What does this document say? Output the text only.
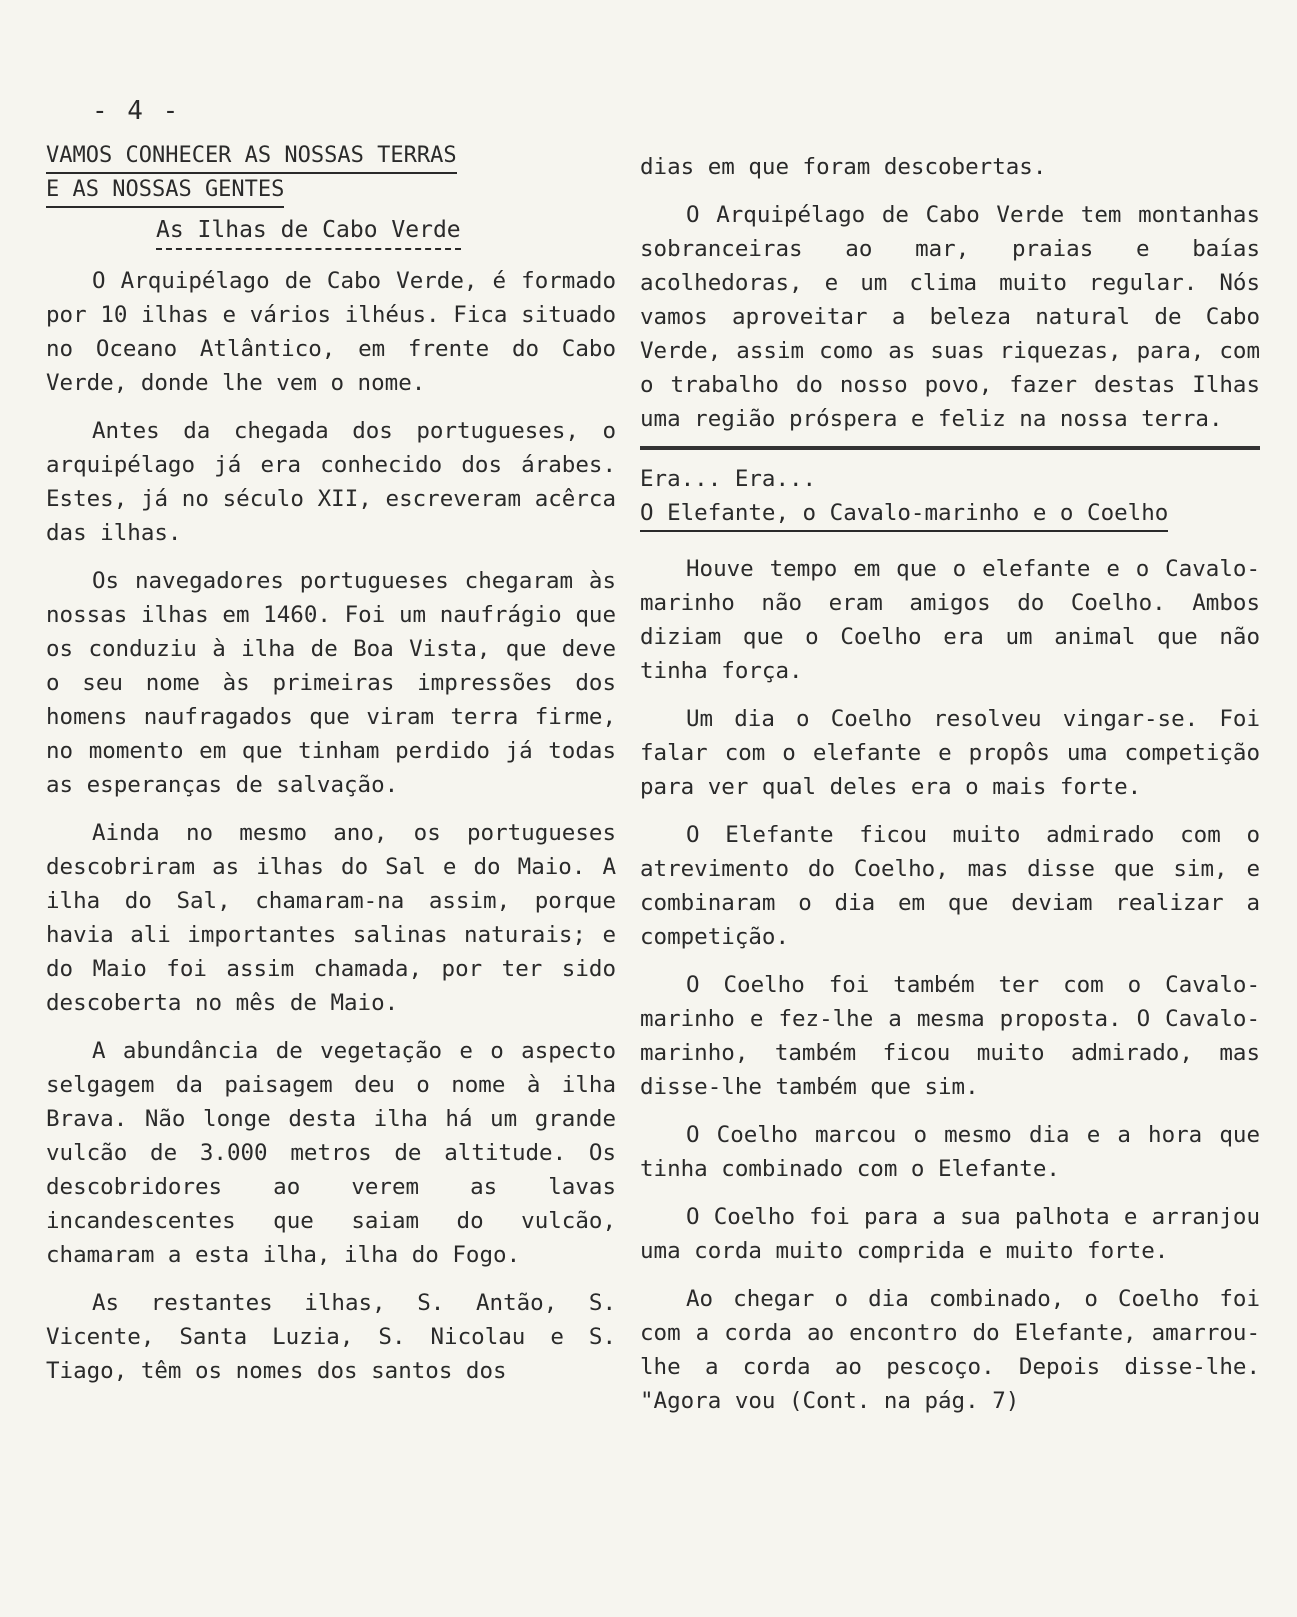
- 4 -
VAMOS CONHECER AS NOSSAS TERRAS
E AS NOSSAS GENTES
As Ilhas de Cabo Verde

O Arquipélago de Cabo Verde, é formado por 10 ilhas e vários ilhéus. Fica situado no Oceano Atlântico, em frente do Cabo Verde, donde lhe vem o nome.

Antes da chegada dos portugueses, o arquipélago já era conhecido dos árabes. Estes, já no século XII, escreveram acêrca das ilhas.

Os navegadores portugueses chegaram às nossas ilhas em 1460. Foi um naufrágio que os conduziu à ilha de Boa Vista, que deve o seu nome às primeiras impressões dos homens naufragados que viram terra firme, no momento em que tinham perdido já todas as esperanças de salvação.

Ainda no mesmo ano, os portugueses descobriram as ilhas do Sal e do Maio. A ilha do Sal, chamaram-na assim, porque havia ali importantes salinas naturais; e do Maio foi assim chamada, por ter sido descoberta no mês de Maio.

A abundância de vegetação e o aspecto selgagem da paisagem deu o nome à ilha Brava. Não longe desta ilha há um grande vulcão de 3.000 metros de altitude. Os descobridores ao verem as lavas incandescentes que saiam do vulcão, chamaram a esta ilha, ilha do Fogo.

As restantes ilhas, S. Antão, S. Vicente, Santa Luzia, S. Nicolau e S. Tiago, têm os nomes dos santos dos

dias em que foram descobertas.

O Arquipélago de Cabo Verde tem montanhas sobranceiras ao mar, praias e baías acolhedoras, e um clima muito regular. Nós vamos aproveitar a beleza natural de Cabo Verde, assim como as suas riquezas, para, com o trabalho do nosso povo, fazer destas Ilhas uma região próspera e feliz na nossa terra.

Era... Era...
O Elefante, o Cavalo-marinho e o Coelho

Houve tempo em que o elefante e o Cavalo-marinho não eram amigos do Coelho. Ambos diziam que o Coelho era um animal que não tinha força.

Um dia o Coelho resolveu vingar-se. Foi falar com o elefante e propôs uma competição para ver qual deles era o mais forte.

O Elefante ficou muito admirado com o atrevimento do Coelho, mas disse que sim, e combinaram o dia em que deviam realizar a competição.

O Coelho foi também ter com o Cavalo-marinho e fez-lhe a mesma proposta. O Cavalo-marinho, também ficou muito admirado, mas disse-lhe também que sim.

O Coelho marcou o mesmo dia e a hora que tinha combinado com o Elefante.

O Coelho foi para a sua palhota e arranjou uma corda muito comprida e muito forte.

Ao chegar o dia combinado, o Coelho foi com a corda ao encontro do Elefante, amarrou-lhe a corda ao pescoço. Depois disse-lhe. "Agora vou (Cont. na pág. 7)
